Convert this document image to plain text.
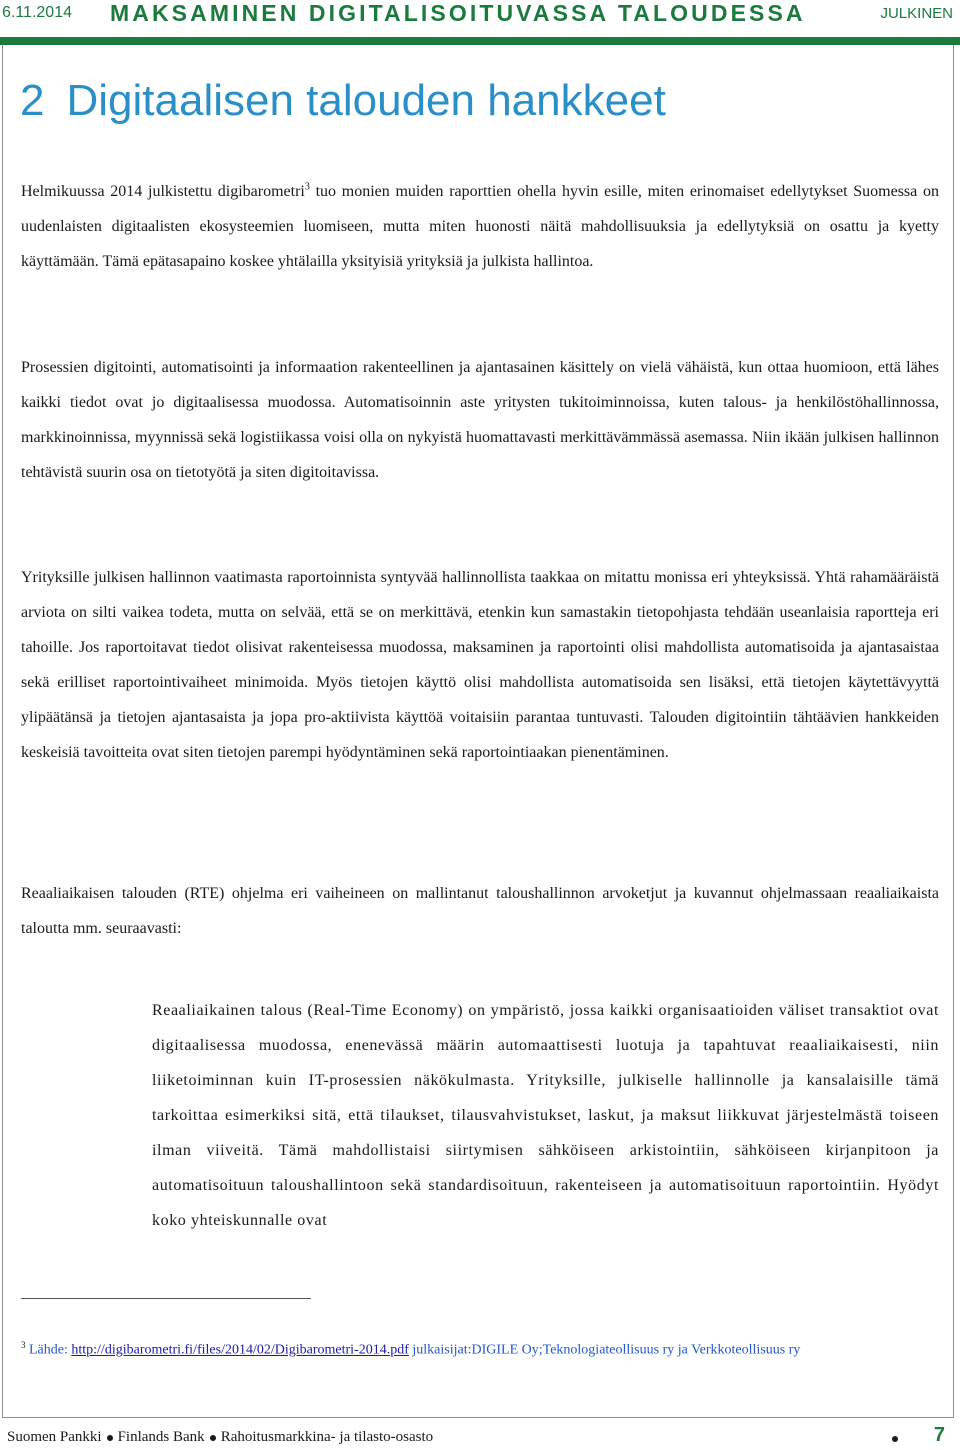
6.11.2014 MAKSAMINEN DIGITALISOITUVASSA TALOUDESSA	JULKINEN
2 Digitaalisen talouden hankkeet

Helmikuussa 2014 julkistettu digibarometri$^3$ tuo monien muiden raporttien ohella hyvin esille, miten erinomaiset edellytykset Suomessa on uudenlaisten digitaalisten ekosysteemien luomiseen, mutta miten huonosti näitä mahdollisuuksia ja edellytyksiä on osattu ja kyetty käyttämään. Tämä epätasapaino koskee yhtälailla yksityisiä yrityksiä ja julkista hallintoa.

Prosessien digitointi, automatisointi ja informaation rakenteellinen ja ajantasainen käsittely on vielä vähäistä, kun ottaa huomioon, että lähes kaikki tiedot ovat jo digitaalisessa muodossa. Automatisoinnin aste yritysten tukitoiminnoissa, kuten talous- ja henkilöstöhallinnossa, markkinoinnissa, myynnissä sekä logistiikassa voisi olla on nykyistä huomattavasti merkittävämmässä asemassa. Niin ikään julkisen hallinnon tehtävistä suurin osa on tietotyötä ja siten digitoitavissa.

Yrityksille julkisen hallinnon vaatimasta raportoinnista syntyvää hallinnollista taakkaa on mitattu monissa eri yhteyksissä. Yhtä rahamääräistä arviota on silti vaikea todeta, mutta on selvää, että se on merkittävä, etenkin kun samastakin tietopohjasta tehdään useanlaisia raportteja eri tahoille. Jos raportoitavat tiedot olisivat rakenteisessa muodossa, maksaminen ja raportointi olisi mahdollista automatisoida ja ajantasaistaa sekä erilliset raportointivaiheet minimoida. Myös tietojen käyttö olisi mahdollista automatisoida sen lisäksi, että tietojen käytettävyyttä ylipäätänsä ja tietojen ajantasaista ja jopa pro-aktiivista käyttöä voitaisiin parantaa tuntuvasti. Talouden digitointiin tähtäävien hankkeiden keskeisiä tavoitteita ovat siten tietojen parempi hyödyntäminen sekä raportointiaakan pienentäminen.

Reaaliaikaisen talouden (RTE) ohjelma eri vaiheineen on mallintanut taloushallinnon arvoketjut ja kuvannut ohjelmassaan reaaliaikaista taloutta mm. seuraavasti:

Reaaliaikainen talous (Real-Time Economy) on ympäristö, jossa kaikki organisaatioiden väliset transaktiot ovat digitaalisessa muodossa, enenevässä määrin automaattisesti luotuja ja tapahtuvat reaaliaikaisesti, niin liiketoiminnan kuin IT-prosessien näkökulmasta. Yrityksille, julkiselle hallinnolle ja kansalaisille tämä tarkoittaa esimerkiksi sitä, että tilaukset, tilausvahvistukset, laskut, ja maksut liikkuvat järjestelmästä toiseen ilman viiveitä. Tämä mahdollistaisi siirtymisen sähköiseen arkistointiin, sähköiseen kirjanpitoon ja automatisoituun taloushallintoon sekä standardisoituun, rakenteiseen ja automatisoituun raportointiin. Hyödyt koko yhteiskunnalle ovat

$^3$ Lähde: http://digibarometri.fi/files/2014/02/Digibarometri-2014.pdf julkaisijat:DIGILE Oy;Teknologiateollisuus ry ja Verkkoteollisuus ry

Suomen Pankki Finlands Bank Rahoitusmarkkina- ja tilasto-osasto	7
